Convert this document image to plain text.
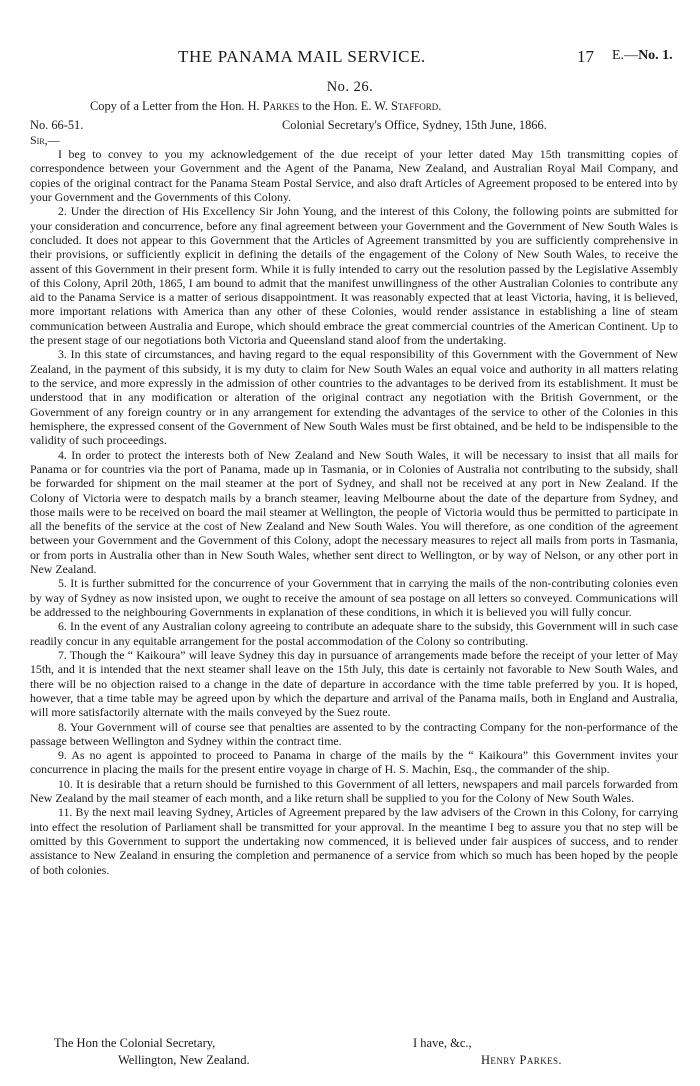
THE PANAMA MAIL SERVICE.	17 E.—No. 1.
No. 26.
Copy of a Letter from the Hon. H. Parkes to the Hon. E. W. Stafford.
No. 66-51.	Colonial Secretary's Office, Sydney, 15th June, 1866.
Sir,—

I beg to convey to you my acknowledgement of the due receipt of your letter dated May 15th transmitting copies of correspondence between your Government and the Agent of the Panama, New Zealand, and Australian Royal Mail Company, and copies of the original contract for the Panama Steam Postal Service, and also draft Articles of Agreement proposed to be entered into by your Government and the Governments of this Colony.

2. Under the direction of His Excellency Sir John Young, and the interest of this Colony, the following points are submitted for your consideration and concurrence, before any final agreement between your Government and the Government of New South Wales is concluded. It does not appear to this Government that the Articles of Agreement transmitted by you are sufficiently comprehensive in their provisions, or sufficiently explicit in defining the details of the engagement of the Colony of New South Wales, to receive the assent of this Government in their present form. While it is fully intended to carry out the resolution passed by the Legislative Assembly of this Colony, April 20th, 1865, I am bound to admit that the manifest unwillingness of the other Australian Colonies to contribute any aid to the Panama Service is a matter of serious disappointment. It was reasonably expected that at least Victoria, having, it is believed, more important relations with America than any other of these Colonies, would render assistance in establishing a line of steam communication between Australia and Europe, which should embrace the great commercial countries of the American Continent. Up to the present stage of our negotiations both Victoria and Queensland stand aloof from the undertaking.

3. In this state of circumstances, and having regard to the equal responsibility of this Government with the Government of New Zealand, in the payment of this subsidy, it is my duty to claim for New South Wales an equal voice and authority in all matters relating to the service, and more expressly in the admission of other countries to the advantages to be derived from its establishment. It must be understood that in any modification or alteration of the original contract any negotiation with the British Government, or the Government of any foreign country or in any arrangement for extending the advantages of the service to other of the Colonies in this hemisphere, the expressed consent of the Government of New South Wales must be first obtained, and be held to be indispensible to the validity of such proceedings.

4. In order to protect the interests both of New Zealand and New South Wales, it will be necessary to insist that all mails for Panama or for countries via the port of Panama, made up in Tasmania, or in Colonies of Australia not contributing to the subsidy, shall be forwarded for shipment on the mail steamer at the port of Sydney, and shall not be received at any port in New Zealand. If the Colony of Victoria were to despatch mails by a branch steamer, leaving Melbourne about the date of the departure from Sydney, and those mails were to be received on board the mail steamer at Wellington, the people of Victoria would thus be permitted to participate in all the benefits of the service at the cost of New Zealand and New South Wales. You will therefore, as one condition of the agreement between your Government and the Government of this Colony, adopt the necessary measures to reject all mails from ports in Tasmania, or from ports in Australia other than in New South Wales, whether sent direct to Wellington, or by way of Nelson, or any other port in New Zealand.

5. It is further submitted for the concurrence of your Government that in carrying the mails of the non-contributing colonies even by way of Sydney as now insisted upon, we ought to receive the amount of sea postage on all letters so conveyed. Communications will be addressed to the neighbouring Governments in explanation of these conditions, in which it is believed you will fully concur.

6. In the event of any Australian colony agreeing to contribute an adequate share to the subsidy, this Government will in such case readily concur in any equitable arrangement for the postal accommodation of the Colony so contributing.

7. Though the “ Kaikoura” will leave Sydney this day in pursuance of arrangements made before the receipt of your letter of May 15th, and it is intended that the next steamer shall leave on the 15th July, this date is certainly not favorable to New South Wales, and there will be no objection raised to a change in the date of departure in accordance with the time table preferred by you. It is hoped, however, that a time table may be agreed upon by which the departure and arrival of the Panama mails, both in England and Australia, will more satisfactorily alternate with the mails conveyed by the Suez route.

8. Your Government will of course see that penalties are assented to by the contracting Company for the non-performance of the passage between Wellington and Sydney within the contract time.

9. As no agent is appointed to proceed to Panama in charge of the mails by the “ Kaikoura” this Government invites your concurrence in placing the mails for the present entire voyage in charge of H. S. Machin, Esq., the commander of the ship.

10. It is desirable that a return should be furnished to this Government of all letters, newspapers and mail parcels forwarded from New Zealand by the mail steamer of each month, and a like return shall be supplied to you for the Colony of New South Wales.

11. By the next mail leaving Sydney, Articles of Agreement prepared by the law advisers of the Crown in this Colony, for carrying into effect the resolution of Parliament shall be transmitted for your approval. In the meantime I beg to assure you that no step will be omitted by this Government to support the undertaking now commenced, it is believed under fair auspices of success, and to render assistance to New Zealand in ensuring the completion and permanence of a service from which so much has been hoped by the people of both colonies.

The Hon the Colonial Secretary,
Wellington, New Zealand.
I have, &c.,
Henry Parkes.
